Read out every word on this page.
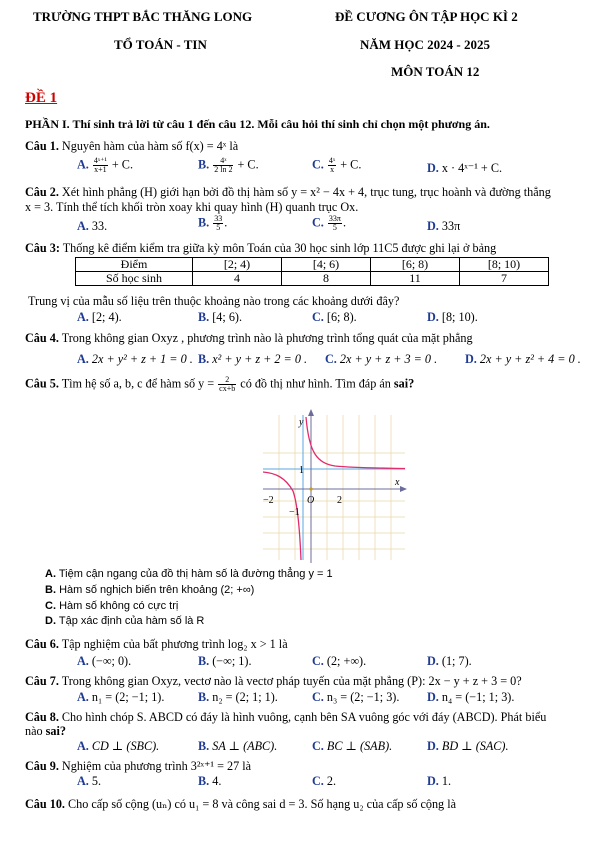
TRƯỜNG THPT BẮC THĂNG LONG
TỔ TOÁN - TIN
ĐỀ CƯƠNG ÔN TẬP HỌC KÌ 2
NĂM HỌC 2024 - 2025
MÔN TOÁN 12
ĐỀ 1
PHẦN I. Thí sinh trả lời từ câu 1 đến câu 12. Mỗi câu hỏi thí sinh chỉ chọn một phương án.
Câu 1. Nguyên hàm của hàm số f(x) = 4ˣ là
A. $\frac{\text{4ˣ⁺¹}}{x+1} + C$.	B. $\frac{\text{4ˣ}}{2 \ln 2} + C$.	C. $\frac{\text{4ˣ}}{x} + C$.	D. x · 4ˣ⁻¹ + C.
Câu 2. Xét hình phẳng (H) giới hạn bởi đồ thị hàm số y = x² − 4x + 4, trục tung, trục hoành và đường thẳng
x = 3. Tính thể tích khối tròn xoay khi quay hình (H) quanh trục Ox.
A. 33.	B. $\frac{33}{5}$ .	C. $\frac{33\pi}{5}$ .	D. 33π
Câu 3: Thống kê điểm kiểm tra giữa kỳ môn Toán của 30 học sinh lớp 11C5 được ghi lại ở bảng
Điểm	[2; 4)	[4; 6)	[6; 8)	[8; 10)
Số học sinh	4	8	11	7
Trung vị của mẫu số liệu trên thuộc khoảng nào trong các khoảng dưới đây?
A. [2; 4).	B. [4; 6).	C. [6; 8).	D. [8; 10).
Câu 4. Trong không gian Oxyz , phương trình nào là phương trình tổng quát của mặt phẳng
A. 2x + y² + z + 1 = 0 . B. x² + y + z + 2 = 0 . C. 2x + y + z + 3 = 0 . D. 2x + y + z² + 4 = 0 .
Câu 5. Tìm hệ số a, b, c để hàm số $y = \frac{2}{cx+b}$ có đồ thị như hình. Tìm đáp án sai?
y
x
O
1
−1
2
−2
A. Tiệm cận ngang của đồ thị hàm số là đường thẳng y = 1
B. Hàm số nghịch biến trên khoảng (2; +∞)
C. Hàm số không có cực trị
D. Tập xác định của hàm số là R
Câu 6. Tập nghiệm của bất phương trình log₂ x > 1 là
A. (−∞; 0).	B. (−∞; 1).	C. (2; +∞).	D. (1; 7).
Câu 7. Trong không gian Oxyz, vectơ nào là vectơ pháp tuyến của mặt phẳng (P): 2x − y + z + 3 = 0?
A. n₁ = (2; −1; 1).	B. n₂ = (2; 1; 1).	C. n₃ = (2; −1; 3). D. n₄ = (−1; 1; 3).
Câu 8. Cho hình chóp S. ABCD có đáy là hình vuông, cạnh bên SA vuông góc với đáy (ABCD). Phát biểu
nào sai?
A. CD ⊥ (SBC).	B. SA ⊥ (ABC).	C. BC ⊥ (SAB).	D. BD ⊥ (SAC).
Câu 9. Nghiệm của phương trình 3²ˣ⁺¹ = 27 là
A. 5.	B. 4.	C. 2.	D. 1.
Câu 10. Cho cấp số cộng (uₙ) có u₁ = 8 và công sai d = 3. Số hạng u₂ của cấp số cộng là
